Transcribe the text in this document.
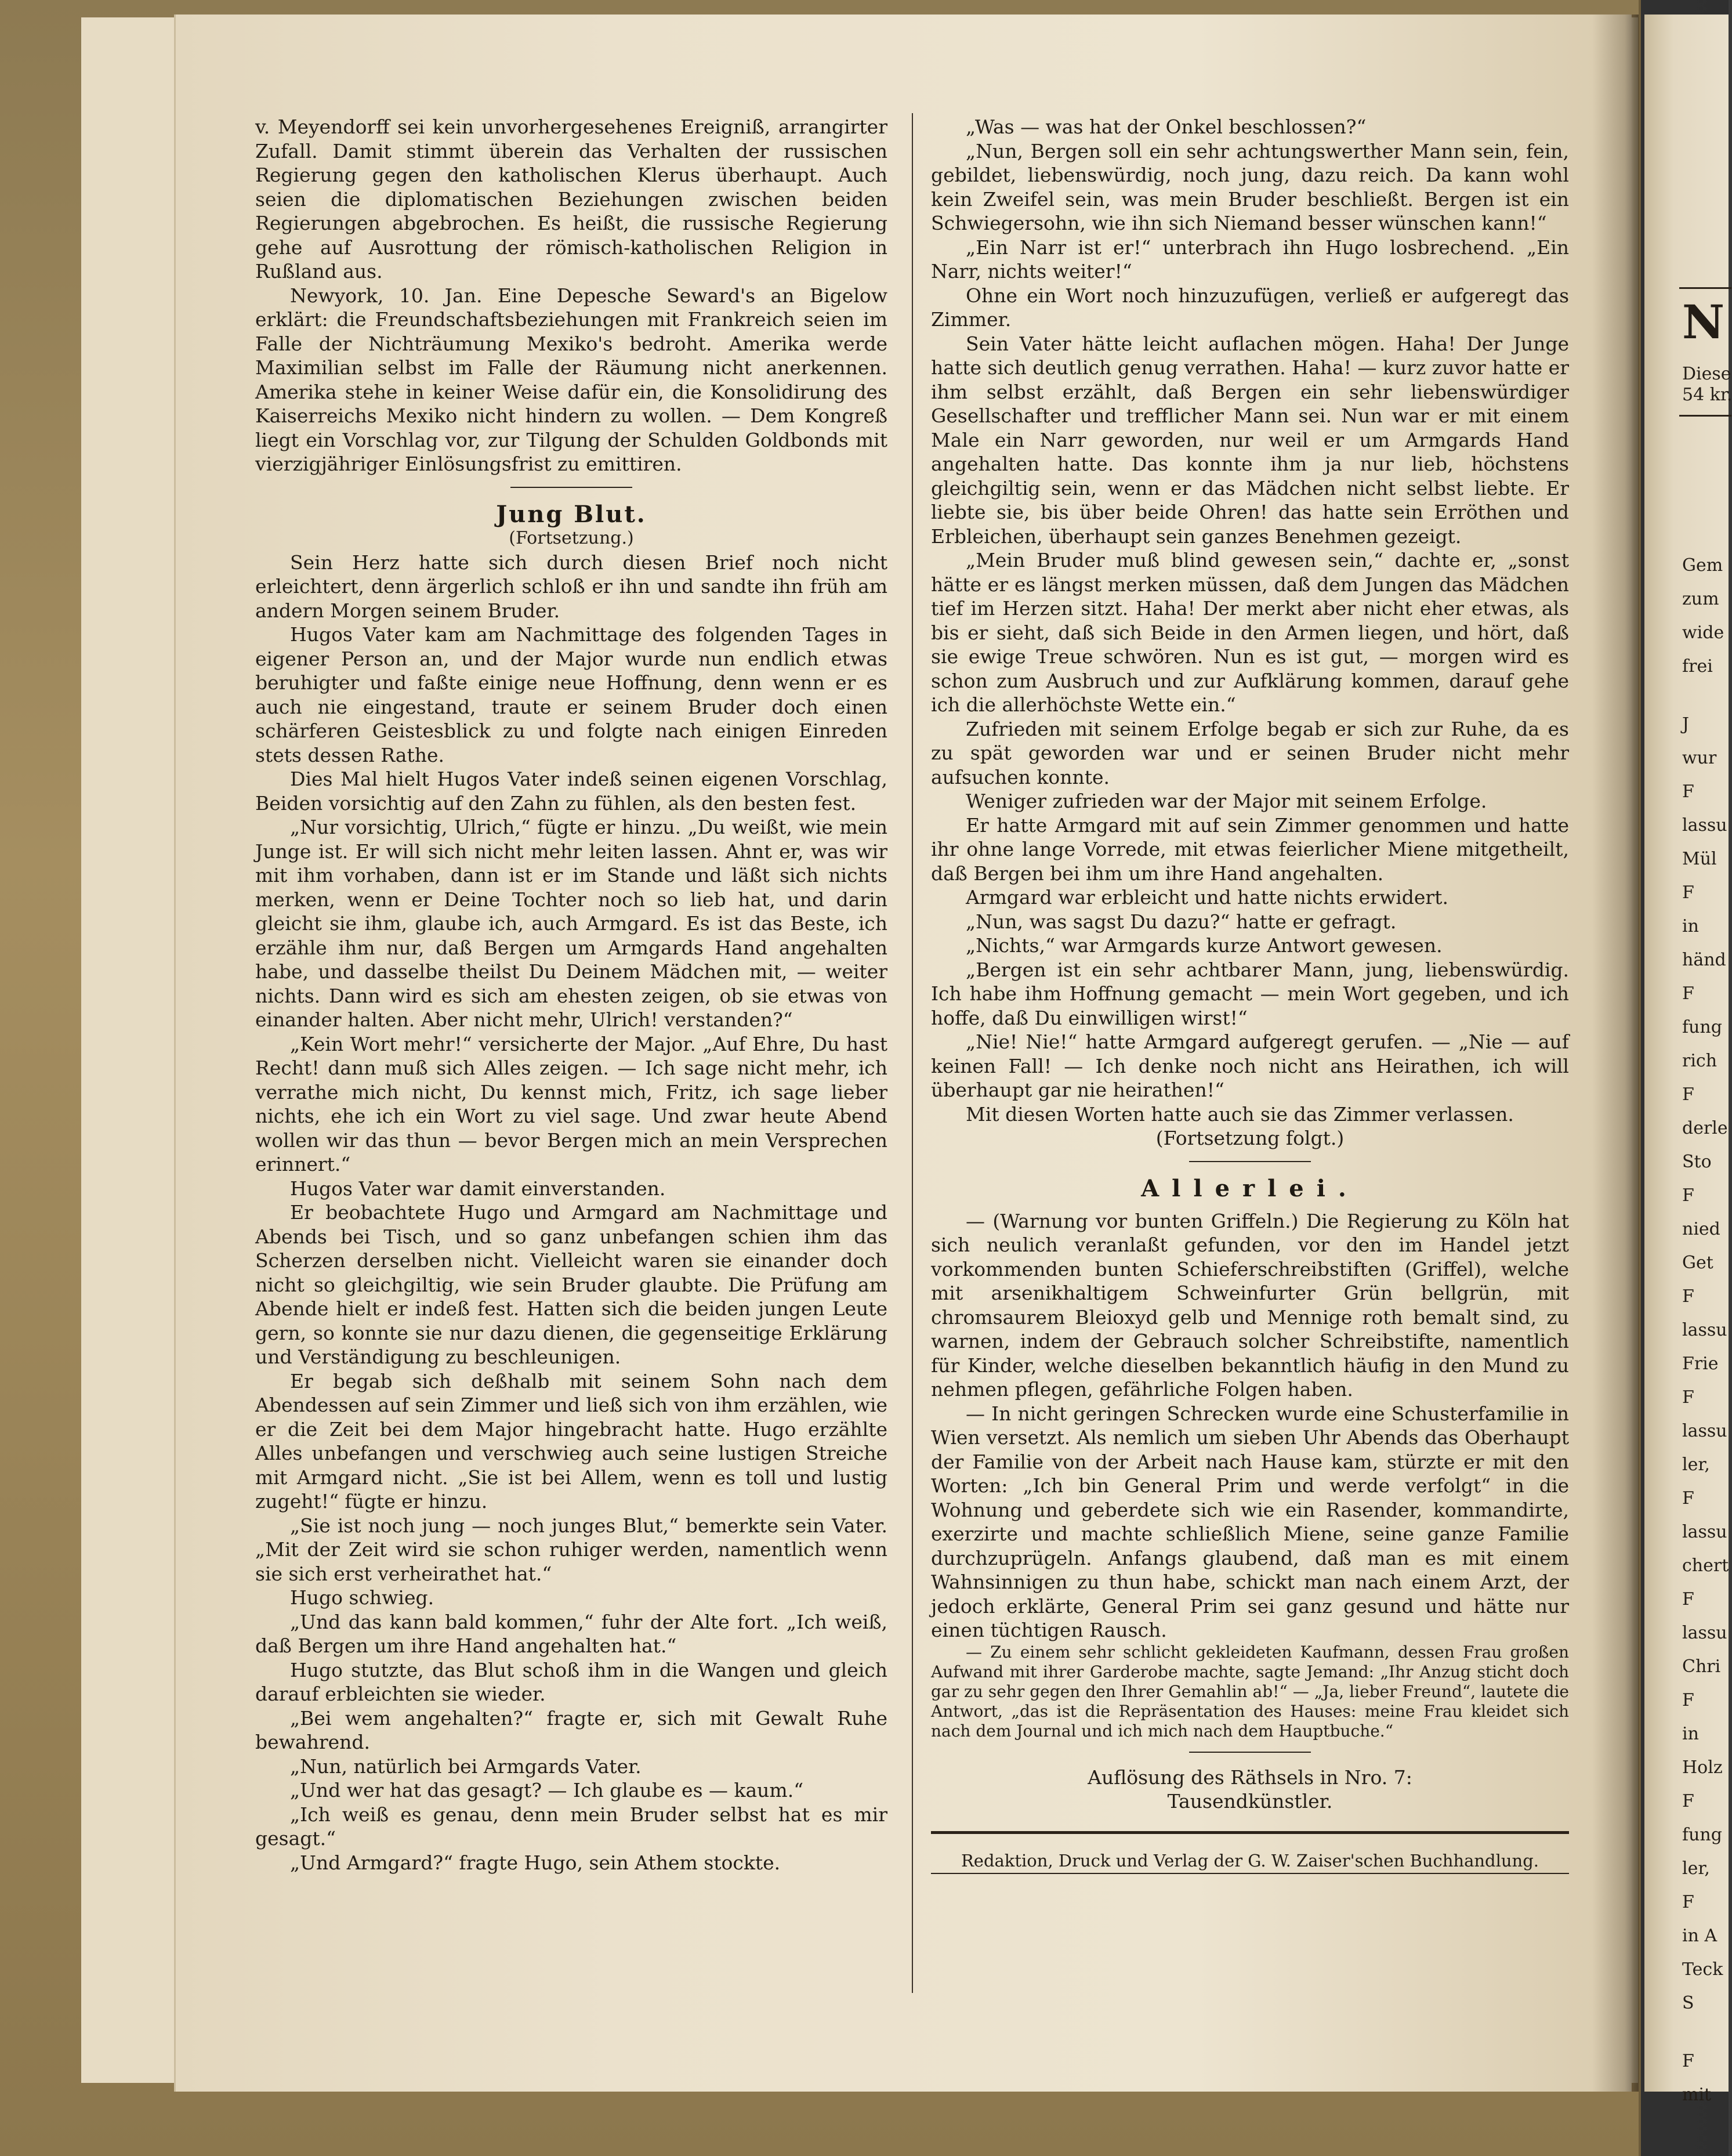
v. Meyendorff sei kein unvorhergesehenes Ereigniß, arrangirter Zufall. Damit stimmt überein das Verhalten der russischen Regierung gegen den katholischen Klerus überhaupt. Auch seien die diplomatischen Beziehungen zwischen beiden Regierungen abgebrochen. Es heißt, die russische Regierung gehe auf Ausrottung der römisch-katholischen Religion in Rußland aus.

Newyork, 10. Jan. Eine Depesche Seward's an Bigelow erklärt: die Freundschaftsbeziehungen mit Frankreich seien im Falle der Nichträumung Mexiko's bedroht. Amerika werde Maximilian selbst im Falle der Räumung nicht anerkennen. Amerika stehe in keiner Weise dafür ein, die Konsolidirung des Kaiserreichs Mexiko nicht hindern zu wollen. — Dem Kongreß liegt ein Vorschlag vor, zur Tilgung der Schulden Goldbonds mit vierzigjähriger Einlösungsfrist zu emittiren.

Jung Blut.
(Fortsetzung.)

Sein Herz hatte sich durch diesen Brief noch nicht erleichtert, denn ärgerlich schloß er ihn und sandte ihn früh am andern Morgen seinem Bruder.

Hugos Vater kam am Nachmittage des folgenden Tages in eigener Person an, und der Major wurde nun endlich etwas beruhigter und faßte einige neue Hoffnung, denn wenn er es auch nie eingestand, traute er seinem Bruder doch einen schärferen Geistesblick zu und folgte nach einigen Einreden stets dessen Rathe.

Dies Mal hielt Hugos Vater indeß seinen eigenen Vorschlag, Beiden vorsichtig auf den Zahn zu fühlen, als den besten fest.

„Nur vorsichtig, Ulrich,“ fügte er hinzu. „Du weißt, wie mein Junge ist. Er will sich nicht mehr leiten lassen. Ahnt er, was wir mit ihm vorhaben, dann ist er im Stande und läßt sich nichts merken, wenn er Deine Tochter noch so lieb hat, und darin gleicht sie ihm, glaube ich, auch Armgard. Es ist das Beste, ich erzähle ihm nur, daß Bergen um Armgards Hand angehalten habe, und dasselbe theilst Du Deinem Mädchen mit, — weiter nichts. Dann wird es sich am ehesten zeigen, ob sie etwas von einander halten. Aber nicht mehr, Ulrich! verstanden?“

„Kein Wort mehr!“ versicherte der Major. „Auf Ehre, Du hast Recht! dann muß sich Alles zeigen. — Ich sage nicht mehr, ich verrathe mich nicht, Du kennst mich, Fritz, ich sage lieber nichts, ehe ich ein Wort zu viel sage. Und zwar heute Abend wollen wir das thun — bevor Bergen mich an mein Versprechen erinnert.“

Hugos Vater war damit einverstanden.

Er beobachtete Hugo und Armgard am Nachmittage und Abends bei Tisch, und so ganz unbefangen schien ihm das Scherzen derselben nicht. Vielleicht waren sie einander doch nicht so gleichgiltig, wie sein Bruder glaubte. Die Prüfung am Abende hielt er indeß fest. Hatten sich die beiden jungen Leute gern, so konnte sie nur dazu dienen, die gegenseitige Erklärung und Verständigung zu beschleunigen.

Er begab sich deßhalb mit seinem Sohn nach dem Abendessen auf sein Zimmer und ließ sich von ihm erzählen, wie er die Zeit bei dem Major hingebracht hatte. Hugo erzählte Alles unbefangen und verschwieg auch seine lustigen Streiche mit Armgard nicht. „Sie ist bei Allem, wenn es toll und lustig zugeht!“ fügte er hinzu.

„Sie ist noch jung — noch junges Blut,“ bemerkte sein Vater. „Mit der Zeit wird sie schon ruhiger werden, namentlich wenn sie sich erst verheirathet hat.“

Hugo schwieg.

„Und das kann bald kommen,“ fuhr der Alte fort. „Ich weiß, daß Bergen um ihre Hand angehalten hat.“

Hugo stutzte, das Blut schoß ihm in die Wangen und gleich darauf erbleichten sie wieder.

„Bei wem angehalten?“ fragte er, sich mit Gewalt Ruhe bewahrend.

„Nun, natürlich bei Armgards Vater.

„Und wer hat das gesagt? — Ich glaube es — kaum.“

„Ich weiß es genau, denn mein Bruder selbst hat es mir gesagt.“

„Und Armgard?“ fragte Hugo, sein Athem stockte.

„Was — was hat der Onkel beschlossen?“

„Nun, Bergen soll ein sehr achtungswerther Mann sein, fein, gebildet, liebenswürdig, noch jung, dazu reich. Da kann wohl kein Zweifel sein, was mein Bruder beschließt. Bergen ist ein Schwiegersohn, wie ihn sich Niemand besser wünschen kann!“

„Ein Narr ist er!“ unterbrach ihn Hugo losbrechend. „Ein Narr, nichts weiter!“

Ohne ein Wort noch hinzuzufügen, verließ er aufgeregt das Zimmer.

Sein Vater hätte leicht auflachen mögen. Haha! Der Junge hatte sich deutlich genug verrathen. Haha! — kurz zuvor hatte er ihm selbst erzählt, daß Bergen ein sehr liebenswürdiger Gesellschafter und trefflicher Mann sei. Nun war er mit einem Male ein Narr geworden, nur weil er um Armgards Hand angehalten hatte. Das konnte ihm ja nur lieb, höchstens gleichgiltig sein, wenn er das Mädchen nicht selbst liebte. Er liebte sie, bis über beide Ohren! das hatte sein Erröthen und Erbleichen, überhaupt sein ganzes Benehmen gezeigt.

„Mein Bruder muß blind gewesen sein,“ dachte er, „sonst hätte er es längst merken müssen, daß dem Jungen das Mädchen tief im Herzen sitzt. Haha! Der merkt aber nicht eher etwas, als bis er sieht, daß sich Beide in den Armen liegen, und hört, daß sie ewige Treue schwören. Nun es ist gut, — morgen wird es schon zum Ausbruch und zur Aufklärung kommen, darauf gehe ich die allerhöchste Wette ein.“

Zufrieden mit seinem Erfolge begab er sich zur Ruhe, da es zu spät geworden war und er seinen Bruder nicht mehr aufsuchen konnte.

Weniger zufrieden war der Major mit seinem Erfolge.

Er hatte Armgard mit auf sein Zimmer genommen und hatte ihr ohne lange Vorrede, mit etwas feierlicher Miene mitgetheilt, daß Bergen bei ihm um ihre Hand angehalten.

Armgard war erbleicht und hatte nichts erwidert.

„Nun, was sagst Du dazu?“ hatte er gefragt.

„Nichts,“ war Armgards kurze Antwort gewesen.

„Bergen ist ein sehr achtbarer Mann, jung, liebenswürdig. Ich habe ihm Hoffnung gemacht — mein Wort gegeben, und ich hoffe, daß Du einwilligen wirst!“

„Nie! Nie!“ hatte Armgard aufgeregt gerufen. — „Nie — auf keinen Fall! — Ich denke noch nicht ans Heirathen, ich will überhaupt gar nie heirathen!“

Mit diesen Worten hatte auch sie das Zimmer verlassen.

(Fortsetzung folgt.)

Allerlei.

— (Warnung vor bunten Griffeln.) Die Regierung zu Köln hat sich neulich veranlaßt gefunden, vor den im Handel jetzt vorkommenden bunten Schieferschreibstiften (Griffel), welche mit arsenikhaltigem Schweinfurter Grün bellgrün, mit chromsaurem Bleioxyd gelb und Mennige roth bemalt sind, zu warnen, indem der Gebrauch solcher Schreibstifte, namentlich für Kinder, welche dieselben bekanntlich häufig in den Mund zu nehmen pflegen, gefährliche Folgen haben.

— In nicht geringen Schrecken wurde eine Schusterfamilie in Wien versetzt. Als nemlich um sieben Uhr Abends das Oberhaupt der Familie von der Arbeit nach Hause kam, stürzte er mit den Worten: „Ich bin General Prim und werde verfolgt“ in die Wohnung und geberdete sich wie ein Rasender, kommandirte, exerzirte und machte schließlich Miene, seine ganze Familie durchzuprügeln. Anfangs glaubend, daß man es mit einem Wahnsinnigen zu thun habe, schickt man nach einem Arzt, der jedoch erklärte, General Prim sei ganz gesund und hätte nur einen tüchtigen Rausch.

— Zu einem sehr schlicht gekleideten Kaufmann, dessen Frau großen Aufwand mit ihrer Garderobe machte, sagte Jemand: „Ihr Anzug sticht doch gar zu sehr gegen den Ihrer Gemahlin ab!“ — „Ja, lieber Freund“, lautete die Antwort, „das ist die Repräsentation des Hauses: meine Frau kleidet sich nach dem Journal und ich mich nach dem Hauptbuche.“

Auflösung des Räthsels in Nro. 7:

Tausendkünstler.

Redaktion, Druck und Verlag der G. W. Zaiser'schen Buchhandlung.

N
Diese
54 kr.
Gem
zum
wide
frei
J
wur
F
lassu
Mül
F
in
händ
F
fung
rich
F
derle
Sto
F
nied
Get
F
lassu
Frie
F
lassu
ler,
F
lassu
chert
F
lassu
Chri
F
in
Holz
F
fung
ler,
F
in A
Teck
S
F
mit
